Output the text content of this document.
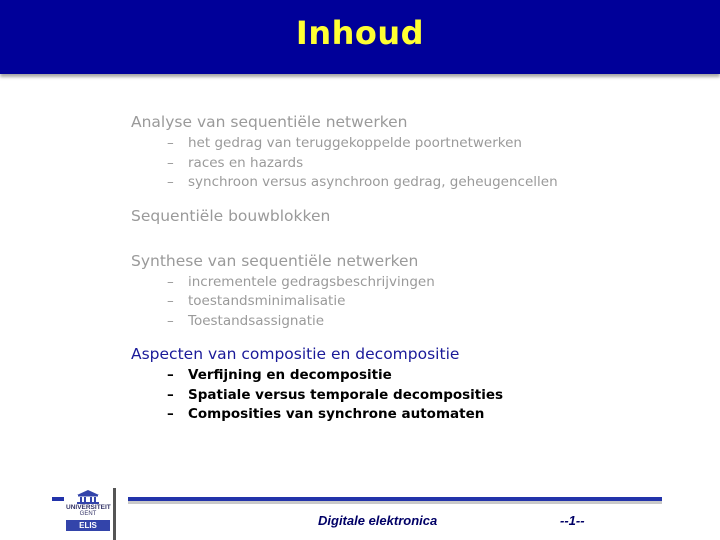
Inhoud
Analyse van sequentiële netwerken
– het gedrag van teruggekoppelde poortnetwerken
– races en hazards
– synchroon versus asynchroon gedrag, geheugencellen
Sequentiële bouwblokken
Synthese van sequentiële netwerken
– incrementele gedragsbeschrijvingen
– toestandsminimalisatie
– Toestandsassignatie
Aspecten van compositie en decompositie
– Verfijning en decompositie
– Spatiale versus temporale decomposities
– Composities van synchrone automaten
UNIVERSITEIT
GENT
ELIS	Digitale elektronica	--1--
